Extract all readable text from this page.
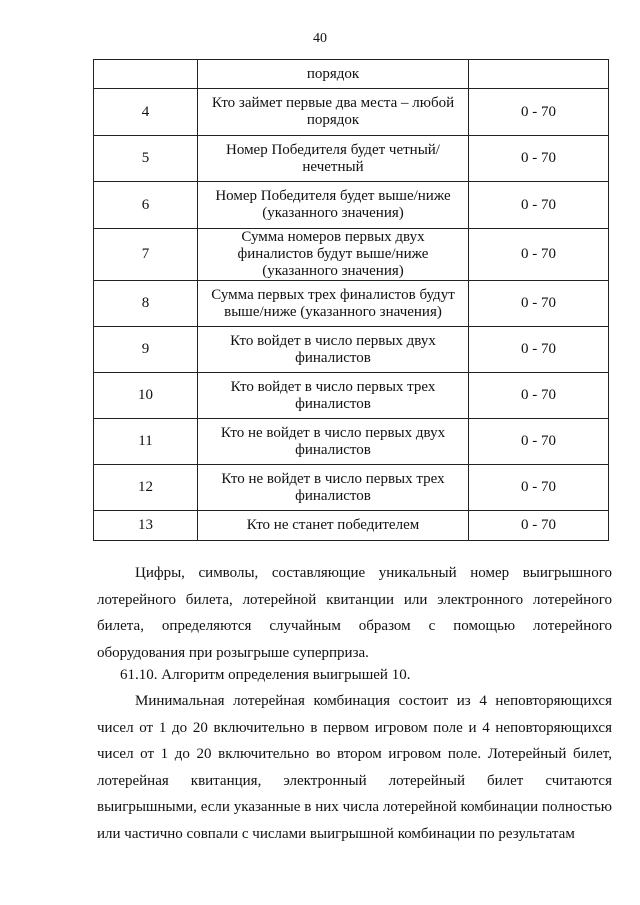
40
	порядок	
4	Кто займет первые два места – любой порядок	0 - 70
5	Номер Победителя будет четный/нечетный	0 - 70
6	Номер Победителя будет выше/ниже (указанного значения)	0 - 70
7	Сумма номеров первых двух финалистов будут выше/ниже (указанного значения)	0 - 70
8	Сумма первых трех финалистов будут выше/ниже (указанного значения)	0 - 70
9	Кто войдет в число первых двух финалистов	0 - 70
10	Кто войдет в число первых трех финалистов	0 - 70
11	Кто не войдет в число первых двух финалистов	0 - 70
12	Кто не войдет в число первых трех финалистов	0 - 70
13	Кто не станет победителем	0 - 70

Цифры, символы, составляющие уникальный номер выигрышного лотерейного билета, лотерейной квитанции или электронного лотерейного билета, определяются случайным образом с помощью лотерейного оборудования при розыгрыше суперприза.

61.10. Алгоритм определения выигрышей 10.

Минимальная лотерейная комбинация состоит из 4 неповторяющихся чисел от 1 до 20 включительно в первом игровом поле и 4 неповторяющихся чисел от 1 до 20 включительно во втором игровом поле. Лотерейный билет, лотерейная квитанция, электронный лотерейный билет считаются выигрышными, если указанные в них числа лотерейной комбинации полностью или частично совпали с числами выигрышной комбинации по результатам
